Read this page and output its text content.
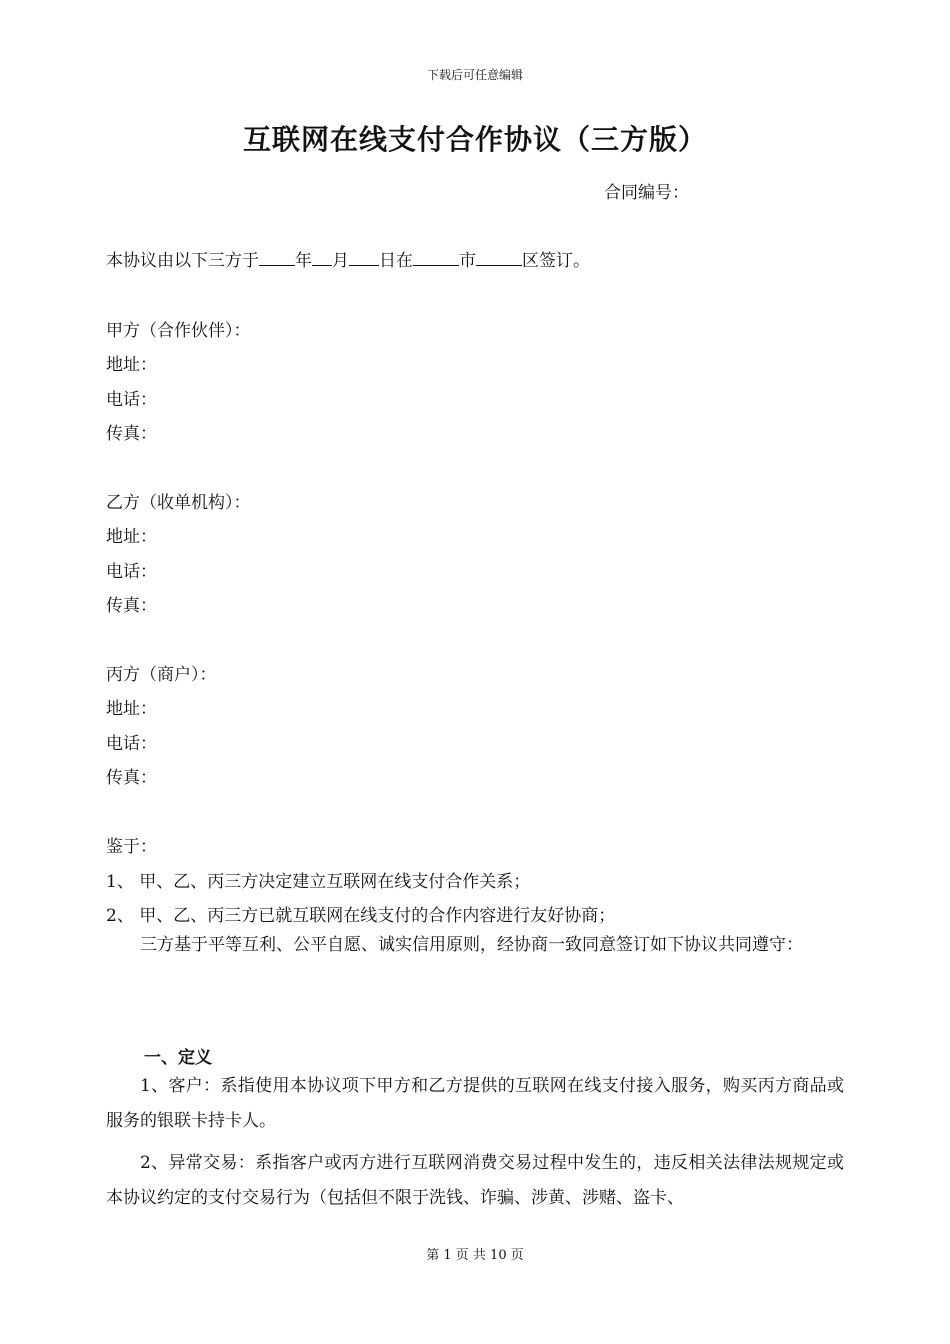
下载后可任意编辑
互联网在线支付合作协议（三方版）
合同编号：
本协议由以下三方于 年 月 日在	市	区签订。
甲方（合作伙伴）：
地址：
电话：
传真：
乙方（收单机构）：
地址：
电话：
传真：
丙方（商户）：
地址：
电话：
传真：
鉴于：
1、 甲、乙、丙三方决定建立互联网在线支付合作关系；
2、 甲、乙、丙三方已就互联网在线支付的合作内容进行友好协商；
三方基于平等互利、公平自愿、诚实信用原则，经协商一致同意签订如下协议共同遵守：
一、定义
1、客户：系指使用本协议项下甲方和乙方提供的互联网在线支付接入服务，购买丙方商品或服务的银联卡持卡人。
2、异常交易：系指客户或丙方进行互联网消费交易过程中发生的，违反相关法律法规规定或本协议约定的支付交易行为（包括但不限于洗钱、诈骗、涉黄、涉赌、盗卡、
第 1 页 共 10 页
